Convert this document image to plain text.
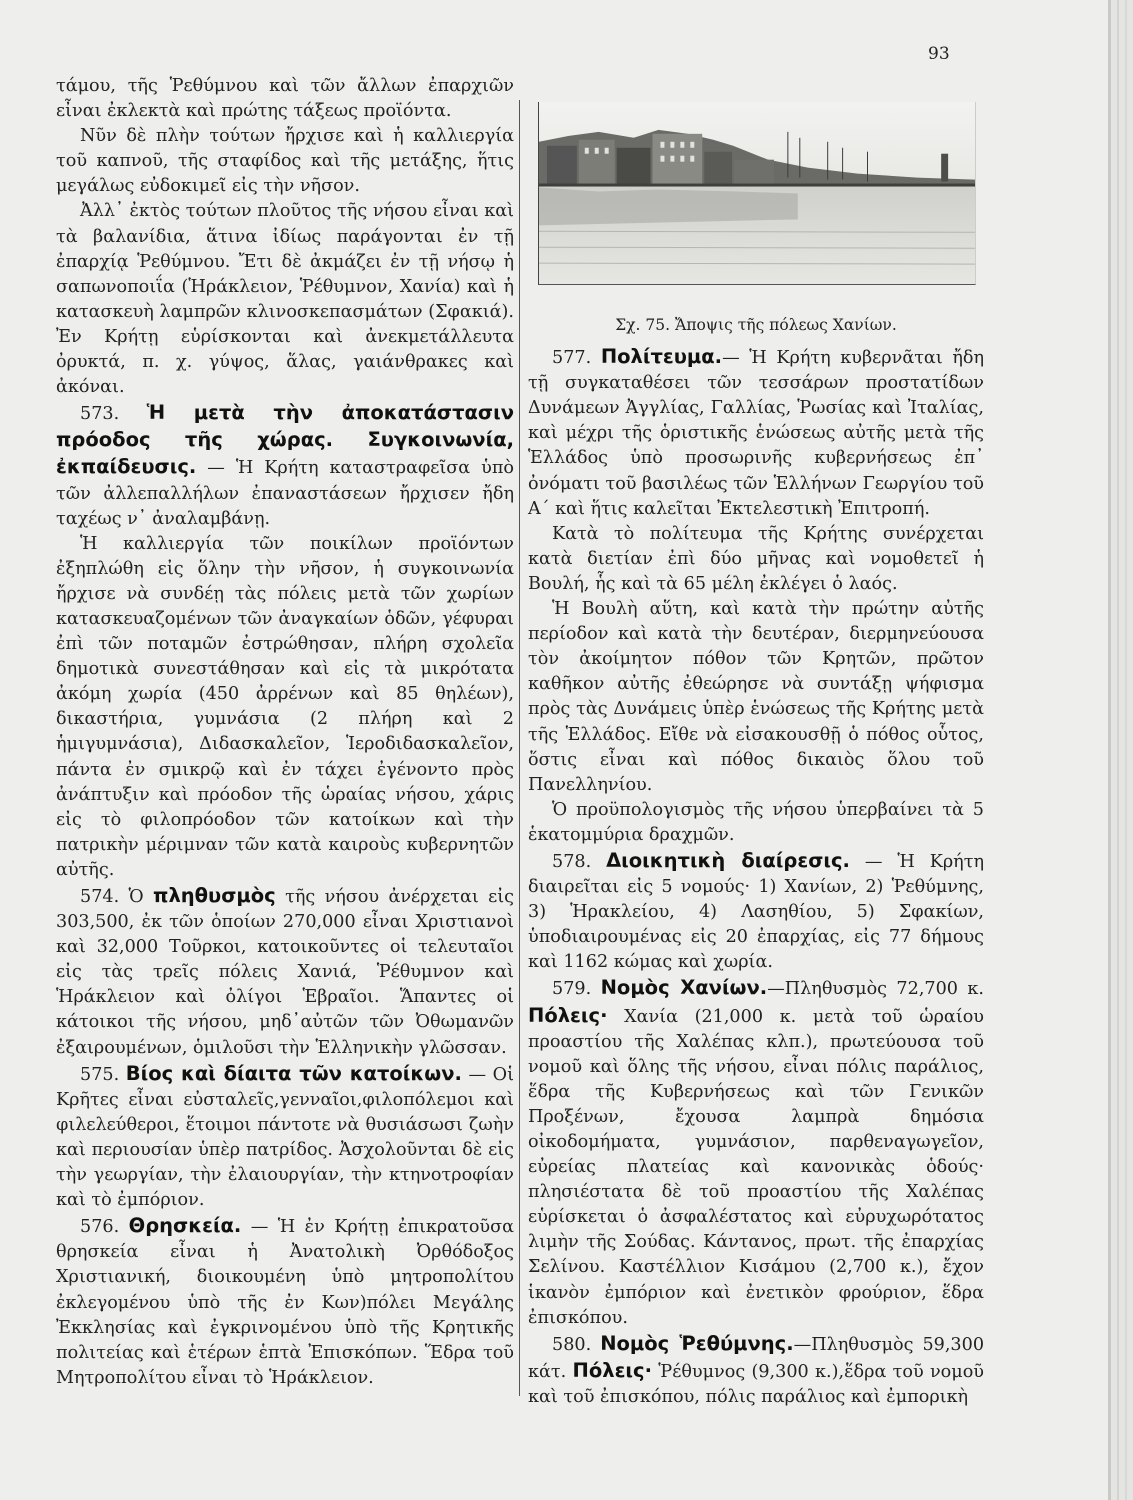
93

τάμου, τῆς Ῥεθύμνου καὶ τῶν ἄλλων ἐπαρχιῶν εἶναι ἐκλεκτὰ καὶ πρώτης τάξεως προϊόντα.

Νῦν δὲ πλὴν τούτων ἤρχισε καὶ ἡ καλλιεργία τοῦ καπνοῦ, τῆς σταφίδος καὶ τῆς μετάξης, ἥτις μεγάλως εὐδοκιμεῖ εἰς τὴν νῆσον.

Ἀλλ᾽ ἐκτὸς τούτων πλοῦτος τῆς νήσου εἶναι καὶ τὰ βαλανίδια, ἅτινα ἰδίως παράγονται ἐν τῇ ἐπαρχίᾳ Ῥεθύμνου. Ἔτι δὲ ἀκμάζει ἐν τῇ νήσῳ ἡ σαπωνοποιΐα (Ἡράκλειον, Ῥέθυμνον, Χανία) καὶ ἡ κατασκευὴ λαμπρῶν κλινοσκεπασμάτων (Σφακιά). Ἐν Κρήτῃ εὑρίσκονται καὶ ἀνεκμετάλλευτα ὀρυκτά, π. χ. γύψος, ἅλας, γαιάνθρακες καὶ ἀκόναι.

573. Ἡ μετὰ τὴν ἀποκατάστασιν πρόοδος τῆς χώρας. Συγκοινωνία, ἐκπαίδευσις. — Ἡ Κρήτη καταστραφεῖσα ὑπὸ τῶν ἀλλεπαλλήλων ἐπαναστάσεων ἤρχισεν ἤδη ταχέως ν᾽ ἀναλαμβάνῃ.

Ἡ καλλιεργία τῶν ποικίλων προϊόντων ἐξηπλώθη εἰς ὅλην τὴν νῆσον, ἡ συγκοινωνία ἤρχισε νὰ συνδέῃ τὰς πόλεις μετὰ τῶν χωρίων κατασκευαζομένων τῶν ἀναγκαίων ὁδῶν, γέφυραι ἐπὶ τῶν ποταμῶν ἐστρώθησαν, πλήρη σχολεῖα δημοτικὰ συνεστάθησαν καὶ εἰς τὰ μικρότατα ἀκόμη χωρία (450 ἀρρένων καὶ 85 θηλέων), δικαστήρια, γυμνάσια (2 πλήρη καὶ 2 ἡμιγυμνάσια), Διδασκαλεῖον, Ἱεροδιδασκαλεῖον, πάντα ἐν σμικρῷ καὶ ἐν τάχει ἐγένοντο πρὸς ἀνάπτυξιν καὶ πρόοδον τῆς ὡραίας νήσου, χάρις εἰς τὸ φιλοπρόοδον τῶν κατοίκων καὶ τὴν πατρικὴν μέριμναν τῶν κατὰ καιροὺς κυβερνητῶν αὐτῆς.

574. Ὁ πληθυσμὸς τῆς νήσου ἀνέρχεται εἰς 303,500, ἐκ τῶν ὁποίων 270,000 εἶναι Χριστιανοὶ καὶ 32,000 Τοῦρκοι, κατοικοῦντες οἱ τελευταῖοι εἰς τὰς τρεῖς πόλεις Χανιά, Ῥέθυμνον καὶ Ἡράκλειον καὶ ὀλίγοι Ἑβραῖοι. Ἅπαντες οἱ κάτοικοι τῆς νήσου, μηδ᾽αὐτῶν τῶν Ὀθωμανῶν ἐξαιρουμένων, ὁμιλοῦσι τὴν Ἑλληνικὴν γλῶσσαν.

575. Βίος καὶ δίαιτα τῶν κατοίκων. — Οἱ Κρῆτες εἶναι εὐσταλεῖς,γενναῖοι,φιλοπόλεμοι καὶ φιλελεύθεροι, ἕτοιμοι πάντοτε νὰ θυσιάσωσι ζωὴν καὶ περιουσίαν ὑπὲρ πατρίδος. Ἀσχολοῦνται δὲ εἰς τὴν γεωργίαν, τὴν ἐλαιουργίαν, τὴν κτηνοτροφίαν καὶ τὸ ἐμπόριον.

576. Θρησκεία. — Ἡ ἐν Κρήτῃ ἐπικρατοῦσα θρησκεία εἶναι ἡ Ἀνατολικὴ Ὀρθόδοξος Χριστιανική, διοικουμένη ὑπὸ μητροπολίτου ἐκλεγομένου ὑπὸ τῆς ἐν Κων)πόλει Μεγάλης Ἐκκλησίας καὶ ἐγκρινομένου ὑπὸ τῆς Κρητικῆς πολιτείας καὶ ἑτέρων ἑπτὰ Ἐπισκόπων. Ἕδρα τοῦ Μητροπολίτου εἶναι τὸ Ἡράκλειον.

Σχ. 75. Ἄποψις τῆς πόλεως Χανίων.

577. Πολίτευμα.— Ἡ Κρήτη κυβερνᾶται ἤδη τῇ συγκαταθέσει τῶν τεσσάρων προστατίδων Δυνάμεων Ἀγγλίας, Γαλλίας, Ῥωσίας καὶ Ἰταλίας, καὶ μέχρι τῆς ὁριστικῆς ἑνώσεως αὐτῆς μετὰ τῆς Ἑλλάδος ὑπὸ προσωρινῆς κυβερνήσεως ἐπ᾽ ὀνόματι τοῦ βασιλέως τῶν Ἑλλήνων Γεωργίου τοῦ Α´ καὶ ἥτις καλεῖται Ἐκτελεστικὴ Ἐπιτροπή.

Κατὰ τὸ πολίτευμα τῆς Κρήτης συνέρχεται κατὰ διετίαν ἐπὶ δύο μῆνας καὶ νομοθετεῖ ἡ Βουλή, ἧς καὶ τὰ 65 μέλη ἐκλέγει ὁ λαός.

Ἡ Βουλὴ αὕτη, καὶ κατὰ τὴν πρώτην αὐτῆς περίοδον καὶ κατὰ τὴν δευτέραν, διερμηνεύουσα τὸν ἀκοίμητον πόθον τῶν Κρητῶν, πρῶτον καθῆκον αὐτῆς ἐθεώρησε νὰ συντάξῃ ψήφισμα πρὸς τὰς Δυνάμεις ὑπὲρ ἑνώσεως τῆς Κρήτης μετὰ τῆς Ἑλλάδος. Εἴθε νὰ εἰσακουσθῇ ὁ πόθος οὗτος, ὅστις εἶναι καὶ πόθος δικαιὸς ὅλου τοῦ Πανελληνίου.

Ὁ προϋπολογισμὸς τῆς νήσου ὑπερβαίνει τὰ 5 ἑκατομμύρια δραχμῶν.

578. Διοικητικὴ διαίρεσις. — Ἡ Κρήτη διαιρεῖται εἰς 5 νομούς· 1) Χανίων, 2) Ῥεθύμνης, 3) Ἡρακλείου, 4) Λασηθίου, 5) Σφακίων, ὑποδιαιρουμένας εἰς 20 ἐπαρχίας, εἰς 77 δήμους καὶ 1162 κώμας καὶ χωρία.

579. Νομὸς Χανίων.—Πληθυσμὸς 72,700 κ. Πόλεις· Χανία (21,000 κ. μετὰ τοῦ ὡραίου προαστίου τῆς Χαλέπας κλπ.), πρωτεύουσα τοῦ νομοῦ καὶ ὅλης τῆς νήσου, εἶναι πόλις παράλιος, ἕδρα τῆς Κυβερνήσεως καὶ τῶν Γενικῶν Προξένων, ἔχουσα λαμπρὰ δημόσια οἰκοδομήματα, γυμνάσιον, παρθεναγωγεῖον, εὐρείας πλατείας καὶ κανονικὰς ὁδούς· πλησιέστατα δὲ τοῦ προαστίου τῆς Χαλέπας εὑρίσκεται ὁ ἀσφαλέστατος καὶ εὐρυχωρότατος λιμὴν τῆς Σούδας. Κάντανος, πρωτ. τῆς ἐπαρχίας Σελίνου. Καστέλλιον Κισάμου (2,700 κ.), ἔχον ἱκανὸν ἐμπόριον καὶ ἐνετικὸν φρούριον, ἕδρα ἐπισκόπου.

580. Νομὸς Ῥεθύμνης.—Πληθυσμὸς 59,300 κάτ. Πόλεις· Ῥέθυμνος (9,300 κ.),ἕδρα τοῦ νομοῦ καὶ τοῦ ἐπισκόπου, πόλις παράλιος καὶ ἐμπορικὴ
